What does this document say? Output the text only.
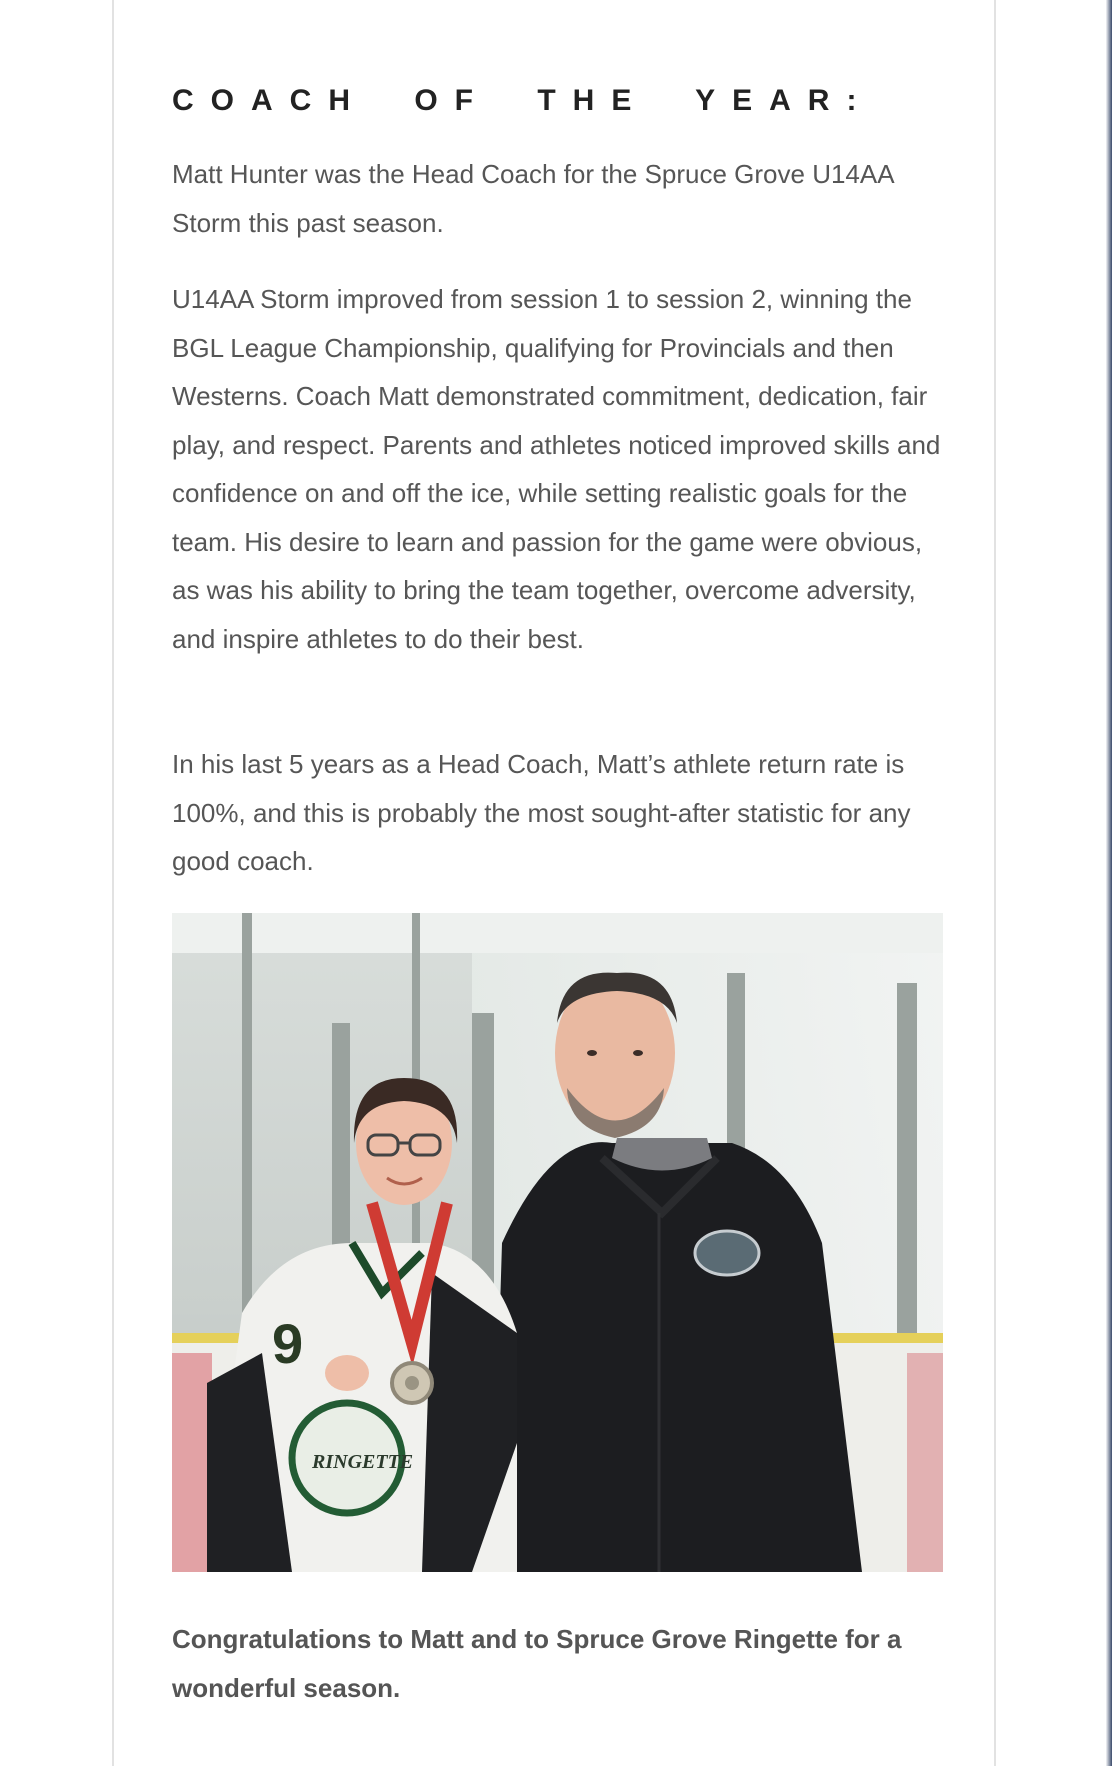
COACH OF THE YEAR:

Matt Hunter was the Head Coach for the Spruce Grove U14AA Storm this past season.

U14AA Storm improved from session 1 to session 2, winning the BGL League Championship, qualifying for Provincials and then Westerns. Coach Matt demonstrated commitment, dedication, fair play, and respect. Parents and athletes noticed improved skills and confidence on and off the ice, while setting realistic goals for the team. His desire to learn and passion for the game were obvious, as was his ability to bring the team together, overcome adversity, and inspire athletes to do their best.

In his last 5 years as a Head Coach, Matt’s athlete return rate is 100%, and this is probably the most sought-after statistic for any good coach.

Congratulations to Matt and to Spruce Grove Ringette for a wonderful season.

9
RINGETTE
